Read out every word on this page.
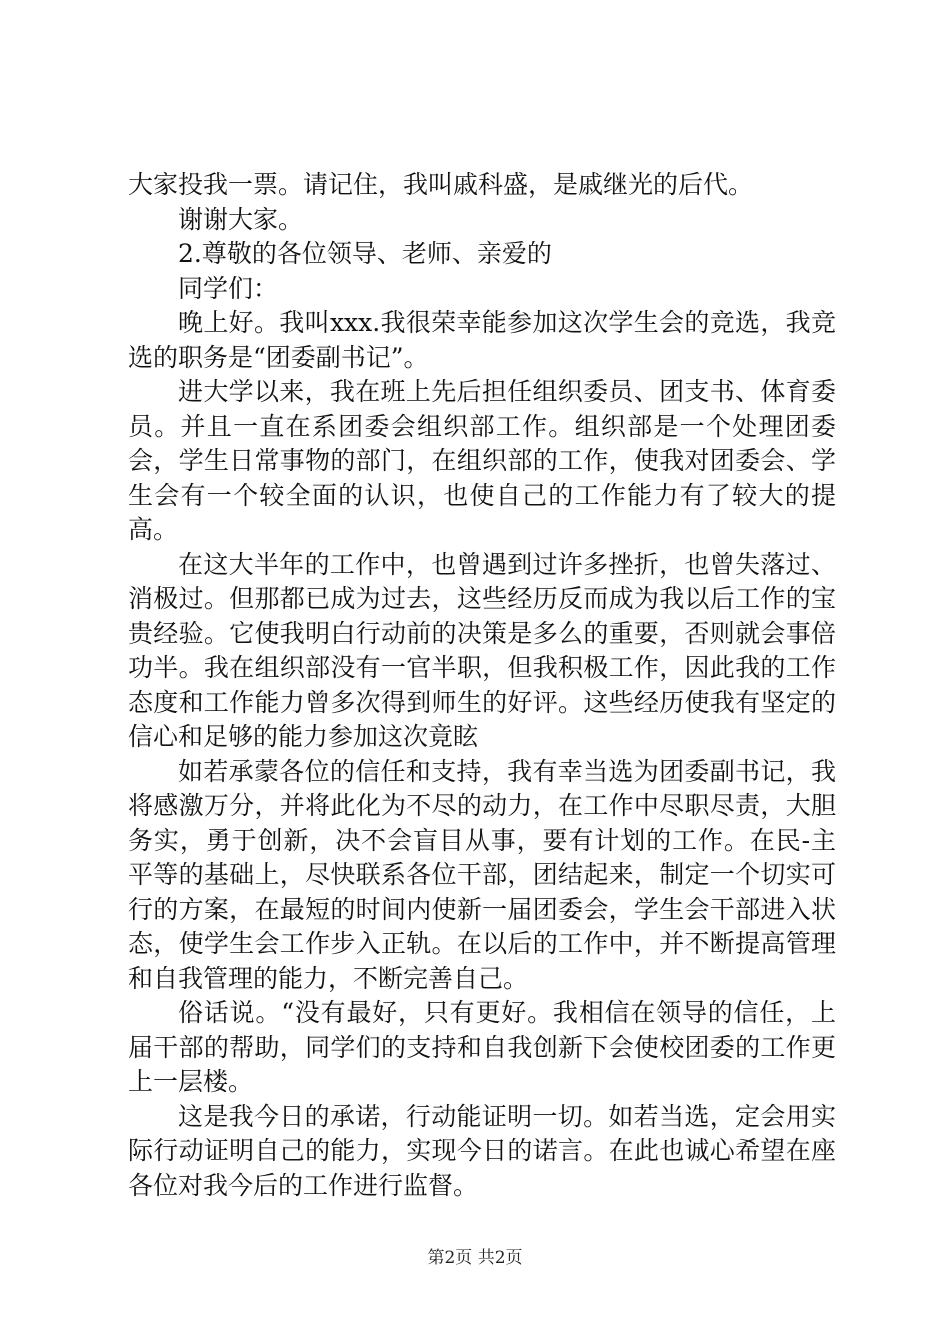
大家投我一票。请记住，我叫戚科盛，是戚继光的后代。

谢谢大家。

2.尊敬的各位领导、老师、亲爱的

同学们：

晚上好。我叫xxx.我很荣幸能参加这次学生会的竞选，我竞选的职务是“团委副书记”。

进大学以来，我在班上先后担任组织委员、团支书、体育委员。并且一直在系团委会组织部工作。组织部是一个处理团委会，学生日常事物的部门，在组织部的工作，使我对团委会、学生会有一个较全面的认识，也使自己的工作能力有了较大的提高。

在这大半年的工作中，也曾遇到过许多挫折，也曾失落过、消极过。但那都已成为过去，这些经历反而成为我以后工作的宝贵经验。它使我明白行动前的决策是多么的重要，否则就会事倍功半。我在组织部没有一官半职，但我积极工作，因此我的工作态度和工作能力曾多次得到师生的好评。这些经历使我有坚定的信心和足够的能力参加这次竟眩

如若承蒙各位的信任和支持，我有幸当选为团委副书记，我将感激万分，并将此化为不尽的动力，在工作中尽职尽责，大胆务实，勇于创新，决不会盲目从事，要有计划的工作。在民-主平等的基础上，尽快联系各位干部，团结起来，制定一个切实可行的方案，在最短的时间内使新一届团委会，学生会干部进入状态，使学生会工作步入正轨。在以后的工作中，并不断提高管理和自我管理的能力，不断完善自己。

俗话说。“没有最好，只有更好。我相信在领导的信任，上届干部的帮助，同学们的支持和自我创新下会使校团委的工作更上一层楼。

这是我今日的承诺，行动能证明一切。如若当选，定会用实际行动证明自己的能力，实现今日的诺言。在此也诚心希望在座各位对我今后的工作进行监督。

第2页 共2页
